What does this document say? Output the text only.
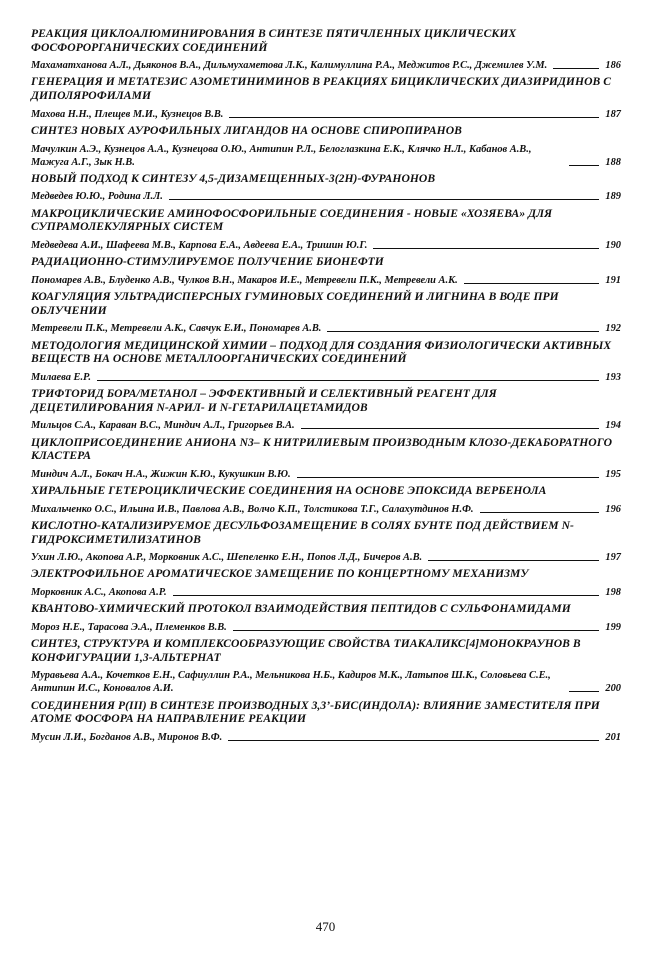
РЕАКЦИЯ ЦИКЛОАЛЮМИНИРОВАНИЯ В СИНТЕЗЕ ПЯТИЧЛЕННЫХ ЦИКЛИЧЕСКИХ ФОСФОРОРГАНИЧЕСКИХ СОЕДИНЕНИЙ
Махаматханова А.Л., Дьяконов В.А., Дильмухаметова Л.К., Калимуллина Р.А., Меджитов Р.С., Джемилев У.М.	186
ГЕНЕРАЦИЯ И МЕТАТЕЗИС АЗОМЕТИНИМИНОВ В РЕАКЦИЯХ БИЦИКЛИЧЕСКИХ ДИАЗИРИДИНОВ С ДИПОЛЯРОФИЛАМИ
Махова Н.Н., Плещев М.И., Кузнецов В.В.	187
СИНТЕЗ НОВЫХ АУРОФИЛЬНЫХ ЛИГАНДОВ НА ОСНОВЕ СПИРОПИРАНОВ
Мачулкин А.Э., Кузнецов А.А., Кузнецова О.Ю., Антипин Р.Л., Белоглазкина Е.К., Клячко Н.Л., Кабанов А.В., Мажуга А.Г., Зык Н.В.	188
НОВЫЙ ПОДХОД К СИНТЕЗУ 4,5-ДИЗАМЕЩЕННЫХ-3(2Н)-ФУРАНОНОВ
Медведев Ю.Ю., Родина Л.Л.	189
МАКРОЦИКЛИЧЕСКИЕ АМИНОФОСФОРИЛЬНЫЕ СОЕДИНЕНИЯ - НОВЫЕ «ХОЗЯЕВА» ДЛЯ СУПРАМОЛЕКУЛЯРНЫХ СИСТЕМ
Медведева А.И., Шафеева М.В., Карпова Е.А., Авдеева Е.А., Тришин Ю.Г.	190
РАДИАЦИОННО-СТИМУЛИРУЕМОЕ ПОЛУЧЕНИЕ БИОНЕФТИ
Пономарев А.В., Блуденко А.В., Чулков В.Н., Макаров И.Е., Метревели П.К., Метревели А.К.	191
КОАГУЛЯЦИЯ УЛЬТРАДИСПЕРСНЫХ ГУМИНОВЫХ СОЕДИНЕНИЙ И ЛИГНИНА В ВОДЕ ПРИ ОБЛУЧЕНИИ
Метревели П.К., Метревели А.К., Савчук Е.И., Пономарев А.В.	192
МЕТОДОЛОГИЯ МЕДИЦИНСКОЙ ХИМИИ – ПОДХОД ДЛЯ СОЗДАНИЯ ФИЗИОЛОГИЧЕСКИ АКТИВНЫХ ВЕЩЕСТВ НА ОСНОВЕ МЕТАЛЛООРГАНИЧЕСКИХ СОЕДИНЕНИЙ
Милаева Е.Р.	193
ТРИФТОРИД БОРА/МЕТАНОЛ – ЭФФЕКТИВНЫЙ И СЕЛЕКТИВНЫЙ РЕАГЕНТ ДЛЯ ДЕЦЕТИЛИРОВАНИЯ N-АРИЛ- И N-ГЕТАРИЛАЦЕТАМИДОВ
Мильцов С.А., Караван В.С., Миндич А.Л., Григорьев В.А.	194
ЦИКЛОПРИСОЕДИНЕНИЕ АНИОНА N3– К НИТРИЛИЕВЫМ ПРОИЗВОДНЫМ КЛОЗО-ДЕКАБОРАТНОГО КЛАСТЕРА
Миндич А.Л., Бокач Н.А., Жижин К.Ю., Кукушкин В.Ю.	195
ХИРАЛЬНЫЕ ГЕТЕРОЦИКЛИЧЕСКИЕ СОЕДИНЕНИЯ НА ОСНОВЕ ЭПОКСИДА ВЕРБЕНОЛА
Михальченко О.С., Ильина И.В., Павлова А.В., Волчо К.П., Толстикова Т.Г., Салахутдинов Н.Ф.	196
КИСЛОТНО-КАТАЛИЗИРУЕМОЕ ДЕСУЛЬФОЗАМЕЩЕНИЕ В СОЛЯХ БУНТЕ ПОД ДЕЙСТВИЕМ N-ГИДРОКСИМЕТИЛИЗАТИНОВ
Ухин Л.Ю., Акопова А.Р., Морковник А.С., Шепеленко Е.Н., Попов Л.Д., Бичеров А.В.	197
ЭЛЕКТРОФИЛЬНОЕ АРОМАТИЧЕСКОЕ ЗАМЕЩЕНИЕ ПО КОНЦЕРТНОМУ МЕХАНИЗМУ
Морковник А.С., Акопова А.Р.	198
КВАНТОВО-ХИМИЧЕСКИЙ ПРОТОКОЛ ВЗАИМОДЕЙСТВИЯ ПЕПТИДОВ С СУЛЬФОНАМИДАМИ
Мороз Н.Е., Тарасова Э.А., Племенков В.В.	199
СИНТЕЗ, СТРУКТУРА И КОМПЛЕКСООБРАЗУЮЩИЕ СВОЙСТВА ТИАКАЛИКС[4]МОНОКРАУНОВ В КОНФИГУРАЦИИ 1,3-АЛЬТЕРНАТ
Муравьева А.А., Кочетков Е.Н., Сафиуллин Р.А., Мельникова Н.Б., Кадиров М.К., Латыпов Ш.К., Соловьева С.Е., Антипин И.С., Коновалов А.И.	200
СОЕДИНЕНИЯ Р(III) В СИНТЕЗЕ ПРОИЗВОДНЫХ 3,3’-БИС(ИНДОЛА): ВЛИЯНИЕ ЗАМЕСТИТЕЛЯ ПРИ АТОМЕ ФОСФОРА НА НАПРАВЛЕНИЕ РЕАКЦИИ
Мусин Л.И., Богданов А.В., Миронов В.Ф.	201
470
